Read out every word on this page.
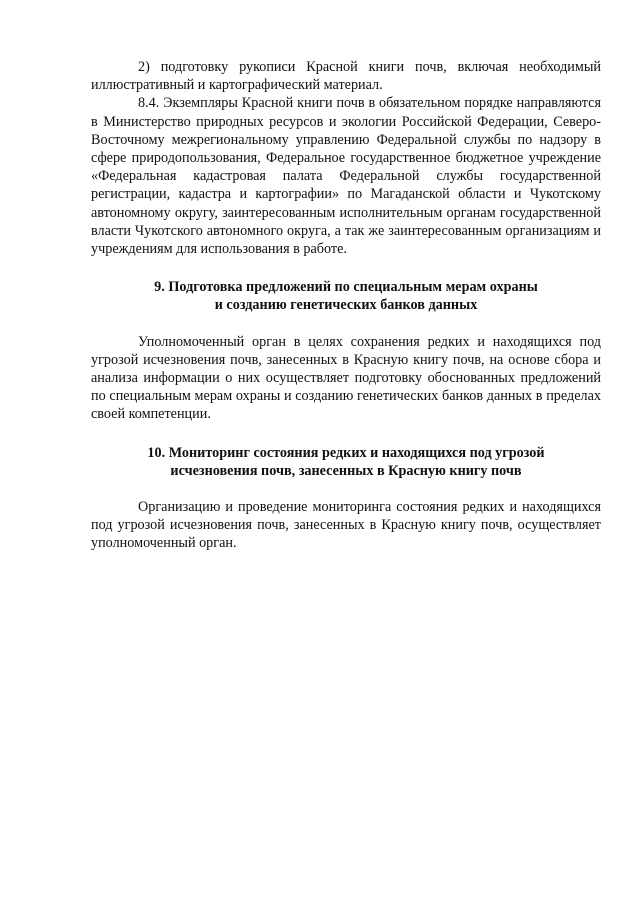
2) подготовку рукописи Красной книги почв, включая необходимый иллюстративный и картографический материал.

8.4. Экземпляры Красной книги почв в обязательном порядке направляются в Министерство природных ресурсов и экологии Российской Федерации, Северо-Восточному межрегиональному управлению Федеральной службы по надзору в сфере природопользования, Федеральное государственное бюджетное учреждение «Федеральная кадастровая палата Федеральной службы государственной регистрации, кадастра и картографии» по Магаданской области и Чукотскому автономному округу, заинтересованным исполнительным органам государственной власти Чукотского автономного округа, а так же заинтересованным организациям и учреждениям для использования в работе.

9. Подготовка предложений по специальным мерам охраны
и созданию генетических банков данных

Уполномоченный орган в целях сохранения редких и находящихся под угрозой исчезновения почв, занесенных в Красную книгу почв, на основе сбора и анализа информации о них осуществляет подготовку обоснованных предложений по специальным мерам охраны и созданию генетических банков данных в пределах своей компетенции.

10. Мониторинг состояния редких и находящихся под угрозой
исчезновения почв, занесенных в Красную книгу почв

Организацию и проведение мониторинга состояния редких и находящихся под угрозой исчезновения почв, занесенных в Красную книгу почв, осуществляет уполномоченный орган.
